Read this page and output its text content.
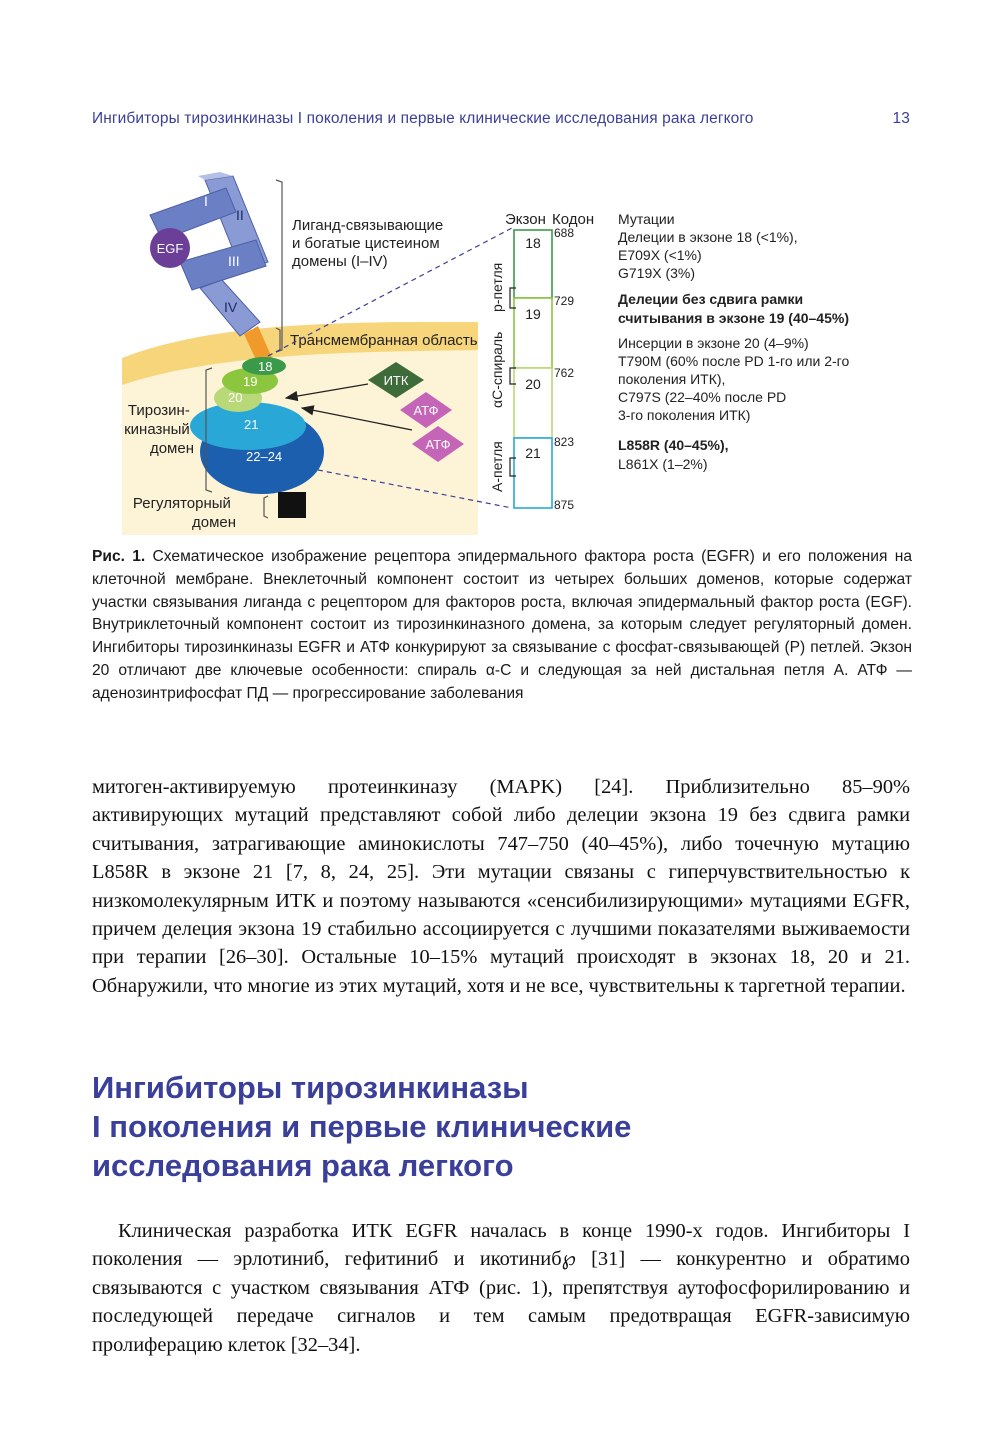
Ингибиторы тирозинкиназы I поколения и первые клинические исследования рака легкого	13
II
I
III
IV
EGF
18
19
20
21
22–24
ИТК
АТФ
АТФ
Лиганд-связывающие и богатые цистеином домены (I–IV)
Трансмембранная область
Тирозин- киназный домен
Регуляторный домен
Экзон Кодон
18
19
20
21
688
729
762
823
875
p-петля
αC-спираль
A-петля
Мутации
Делеции в экзоне 18 (<1%), E709X (<1%) G719X (3%)
Делеции без сдвига рамки считывания в экзоне 19 (40–45%)
Инсерции в экзоне 20 (4–9%) T790M (60% после PD 1-го или 2-го поколения ИТК), C797S (22–40% после PD 3-го поколения ИТК)
L858R (40–45%),
L861X (1–2%)
Рис. 1. Схематическое изображение рецептора эпидермального фактора роста (EGFR) и его положения на клеточной мембране. Внеклеточный компонент состоит из четырех больших доменов, которые содержат участки связывания лиганда с рецептором для факторов роста, включая эпидермальный фактор роста (EGF). Внутриклеточный компонент состоит из тирозинкиназного домена, за которым следует регуляторный домен. Ингибиторы тирозинкиназы EGFR и АТФ конкурируют за связывание с фосфат-связывающей (P) петлей. Экзон 20 отличают две ключевые особенности: спираль α-C и следующая за ней дистальная петля A. АТФ — аденозинтрифосфат ПД — прогрессирование заболевания

митоген-активируемую протеинкиназу (MAPK) [24]. Приблизительно 85–90% активирующих мутаций представляют собой либо делеции экзона 19 без сдвига рамки считывания, затрагивающие аминокислоты 747–750 (40–45%), либо точечную мутацию L858R в экзоне 21 [7, 8, 24, 25]. Эти мутации связаны с гиперчувствительностью к низкомолекулярным ИТК и поэтому называются «сенсибилизирующими» мутациями EGFR, причем делеция экзона 19 стабильно ассоциируется с лучшими показателями выживаемости при терапии [26–30]. Остальные 10–15% мутаций происходят в экзонах 18, 20 и 21. Обнаружили, что многие из этих мутаций, хотя и не все, чувствительны к таргетной терапии.

Ингибиторы тирозинкиназы
I поколения и первые клинические
исследования рака легкого

Клиническая разработка ИТК EGFR началась в конце 1990-х годов. Ингибиторы I поколения — эрлотиниб, гефитиниб и икотиниб℘ [31] — конкурентно и обратимо связываются с участком связывания АТФ (рис. 1), препятствуя аутофосфорилированию и последующей передаче сигналов и тем самым предотвращая EGFR-зависимую пролиферацию клеток [32–34].
